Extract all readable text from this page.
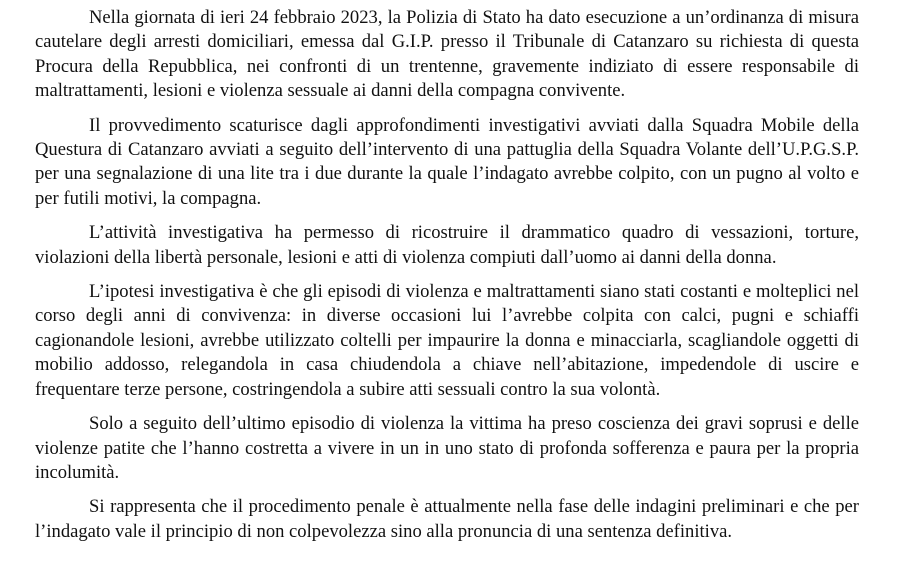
Nella giornata di ieri 24 febbraio 2023, la Polizia di Stato ha dato esecuzione a un’ordinanza di misura cautelare degli arresti domiciliari, emessa dal G.I.P. presso il Tribunale di Catanzaro su richiesta di questa Procura della Repubblica, nei confronti di un trentenne, gravemente indiziato di essere responsabile di maltrattamenti, lesioni e violenza sessuale ai danni della compagna convivente.

Il provvedimento scaturisce dagli approfondimenti investigativi avviati dalla Squadra Mobile della Questura di Catanzaro avviati a seguito dell’intervento di una pattuglia della Squadra Volante dell’U.P.G.S.P. per una segnalazione di una lite tra i due durante la quale l’indagato avrebbe colpito, con un pugno al volto e per futili motivi, la compagna.

L’attività investigativa ha permesso di ricostruire il drammatico quadro di vessazioni, torture, violazioni della libertà personale, lesioni e atti di violenza compiuti dall’uomo ai danni della donna.

L’ipotesi investigativa è che gli episodi di violenza e maltrattamenti siano stati costanti e molteplici nel corso degli anni di convivenza: in diverse occasioni lui l’avrebbe colpita con calci, pugni e schiaffi cagionandole lesioni, avrebbe utilizzato coltelli per impaurire la donna e minacciarla, scagliandole oggetti di mobilio addosso, relegandola in casa chiudendola a chiave nell’abitazione, impedendole di uscire e frequentare terze persone, costringendola a subire atti sessuali contro la sua volontà.

Solo a seguito dell’ultimo episodio di violenza la vittima ha preso coscienza dei gravi soprusi e delle violenze patite che l’hanno costretta a vivere in un in uno stato di profonda sofferenza e paura per la propria incolumità.

Si rappresenta che il procedimento penale è attualmente nella fase delle indagini preliminari e che per l’indagato vale il principio di non colpevolezza sino alla pronuncia di una sentenza definitiva.
